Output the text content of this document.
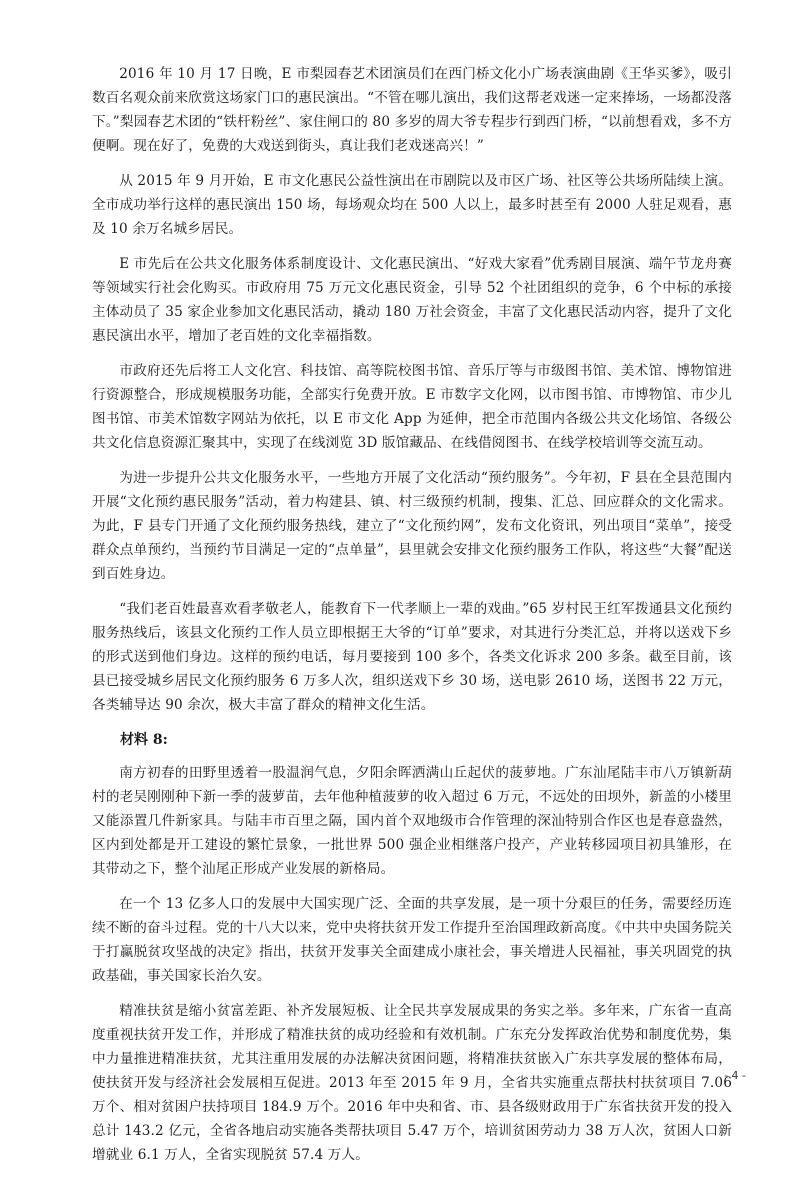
2016 年 10 月 17 日晚，E 市梨园春艺术团演员们在西门桥文化小广场表演曲剧《王华买爹》，吸引数百名观众前来欣赏这场家门口的惠民演出。“不管在哪儿演出，我们这帮老戏迷一定来捧场，一场都没落下。”梨园春艺术团的“铁杆粉丝”、家住闸口的 80 多岁的周大爷专程步行到西门桥，“以前想看戏，多不方便啊。现在好了，免费的大戏送到街头，真让我们老戏迷高兴！”

从 2015 年 9 月开始，E 市文化惠民公益性演出在市剧院以及市区广场、社区等公共场所陆续上演。全市成功举行这样的惠民演出 150 场，每场观众均在 500 人以上，最多时甚至有 2000 人驻足观看，惠及 10 余万名城乡居民。

E 市先后在公共文化服务体系制度设计、文化惠民演出、“好戏大家看”优秀剧目展演、端午节龙舟赛等领域实行社会化购买。市政府用 75 万元文化惠民资金，引导 52 个社团组织的竞争，6 个中标的承接主体动员了 35 家企业参加文化惠民活动，撬动 180 万社会资金，丰富了文化惠民活动内容，提升了文化惠民演出水平，增加了老百姓的文化幸福指数。

市政府还先后将工人文化宫、科技馆、高等院校图书馆、音乐厅等与市级图书馆、美术馆、博物馆进行资源整合，形成规模服务功能，全部实行免费开放。E 市数字文化网，以市图书馆、市博物馆、市少儿图书馆、市美术馆数字网站为依托，以 E 市文化 App 为延伸，把全市范围内各级公共文化场馆、各级公共文化信息资源汇聚其中，实现了在线浏览 3D 版馆藏品、在线借阅图书、在线学校培训等交流互动。

为进一步提升公共文化服务水平，一些地方开展了文化活动“预约服务”。今年初，F 县在全县范围内开展“文化预约惠民服务”活动，着力构建县、镇、村三级预约机制，搜集、汇总、回应群众的文化需求。为此，F 县专门开通了文化预约服务热线，建立了“文化预约网”，发布文化资讯，列出项目“菜单”，接受群众点单预约，当预约节目满足一定的“点单量”，县里就会安排文化预约服务工作队，将这些“大餐”配送到百姓身边。

“我们老百姓最喜欢看孝敬老人，能教育下一代孝顺上一辈的戏曲。”65 岁村民王红军拨通县文化预约服务热线后，该县文化预约工作人员立即根据王大爷的“订单”要求，对其进行分类汇总，并将以送戏下乡的形式送到他们身边。这样的预约电话，每月要接到 100 多个，各类文化诉求 200 多条。截至目前，该县已接受城乡居民文化预约服务 6 万多人次，组织送戏下乡 30 场，送电影 2610 场，送图书 22 万元，各类辅导达 90 余次，极大丰富了群众的精神文化生活。

材料 8:

南方初春的田野里透着一股温润气息，夕阳余晖洒满山丘起伏的菠萝地。广东汕尾陆丰市八万镇新葫村的老吴刚刚种下新一季的菠萝苗，去年他种植菠萝的收入超过 6 万元，不远处的田坝外，新盖的小楼里又能添置几件新家具。与陆丰市百里之隔，国内首个双地级市合作管理的深汕特别合作区也是春意盎然，区内到处都是开工建设的繁忙景象，一批世界 500 强企业相继落户投产，产业转移园项目初具雏形，在其带动之下，整个汕尾正形成产业发展的新格局。

在一个 13 亿多人口的发展中大国实现广泛、全面的共享发展，是一项十分艰巨的任务，需要经历连续不断的奋斗过程。党的十八大以来，党中央将扶贫开发工作提升至治国理政新高度。《中共中央国务院关于打赢脱贫攻坚战的决定》指出，扶贫开发事关全面建成小康社会，事关增进人民福祉，事关巩固党的执政基础，事关国家长治久安。

精准扶贫是缩小贫富差距、补齐发展短板、让全民共享发展成果的务实之举。多年来，广东省一直高度重视扶贫开发工作，并形成了精准扶贫的成功经验和有效机制。广东充分发挥政治优势和制度优势，集中力量推进精准扶贫，尤其注重用发展的办法解决贫困问题，将精准扶贫嵌入广东共享发展的整体布局，使扶贫开发与经济社会发展相互促进。2013 年至 2015 年 9 月，全省共实施重点帮扶村扶贫项目 7.06 万个、相对贫困户扶持项目 184.9 万个。2016 年中央和省、市、县各级财政用于广东省扶贫开发的投入总计 143.2 亿元，全省各地启动实施各类帮扶项目 5.47 万个，培训贫困劳动力 38 万人次，贫困人口新增就业 6.1 万人，全省实现脱贫 57.4 万人。

- 4 -
